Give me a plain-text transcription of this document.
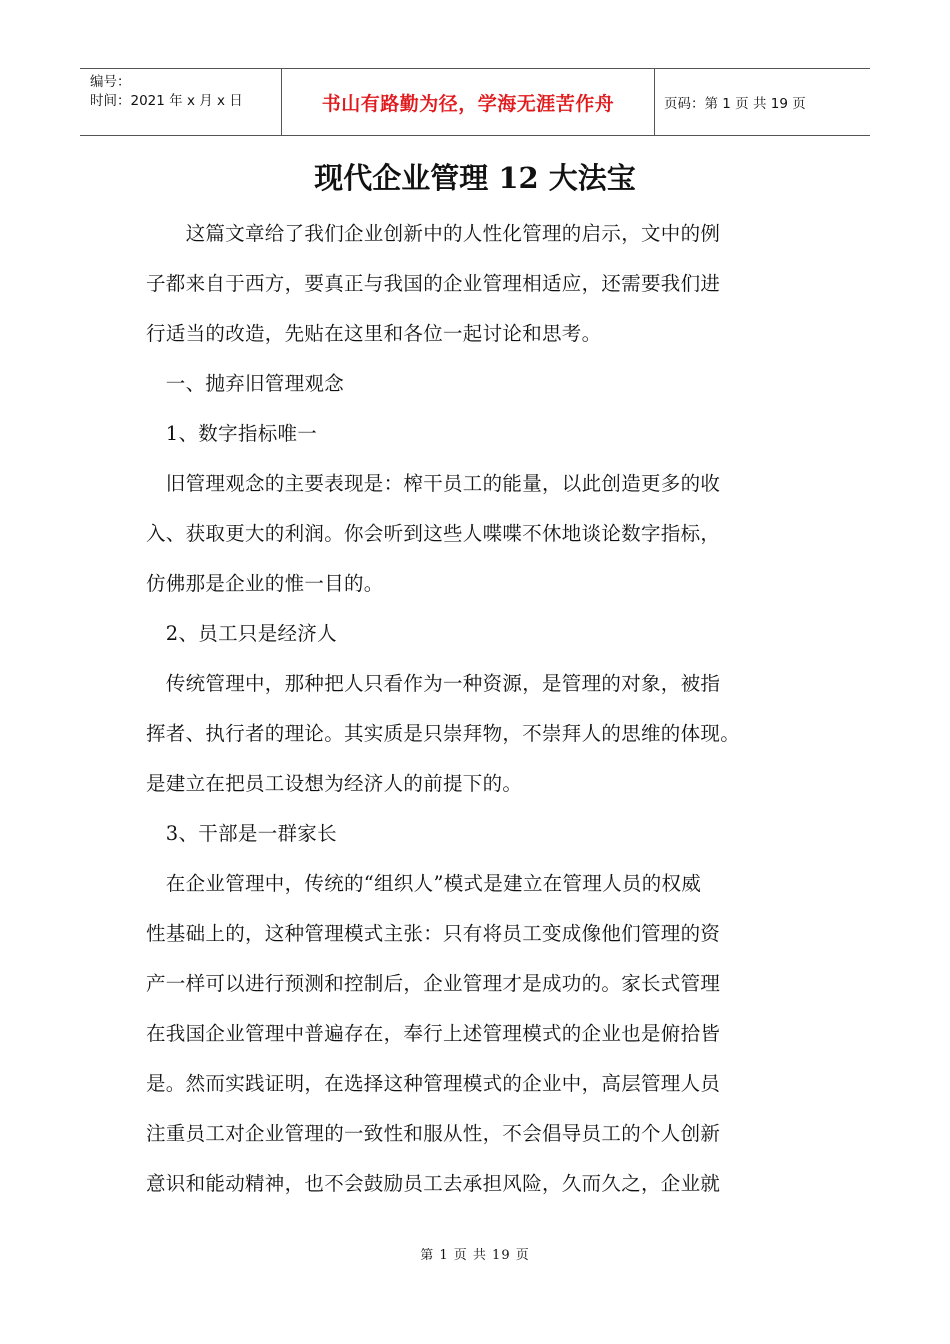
编号：
时间：2021 年 x 月 x 日	书山有路勤为径，学海无涯苦作舟	页码：第 1 页 共 19 页
现代企业管理 12 大法宝
　　这篇文章给了我们企业创新中的人性化管理的启示，文中的例
子都来自于西方，要真正与我国的企业管理相适应，还需要我们进
行适当的改造，先贴在这里和各位一起讨论和思考。
　一、抛弃旧管理观念
　1、数字指标唯一
　旧管理观念的主要表现是：榨干员工的能量，以此创造更多的收
入、获取更大的利润。你会听到这些人喋喋不休地谈论数字指标，
仿佛那是企业的惟一目的。
　2、员工只是经济人
　传统管理中，那种把人只看作为一种资源，是管理的对象，被指
挥者、执行者的理论。其实质是只崇拜物，不崇拜人的思维的体现。
是建立在把员工设想为经济人的前提下的。
　3、干部是一群家长
　在企业管理中，传统的“组织人”模式是建立在管理人员的权威
性基础上的，这种管理模式主张：只有将员工变成像他们管理的资
产一样可以进行预测和控制后，企业管理才是成功的。家长式管理
在我国企业管理中普遍存在，奉行上述管理模式的企业也是俯拾皆
是。然而实践证明，在选择这种管理模式的企业中，高层管理人员
注重员工对企业管理的一致性和服从性，不会倡导员工的个人创新
意识和能动精神，也不会鼓励员工去承担风险，久而久之，企业就
第 1 页 共 19 页
